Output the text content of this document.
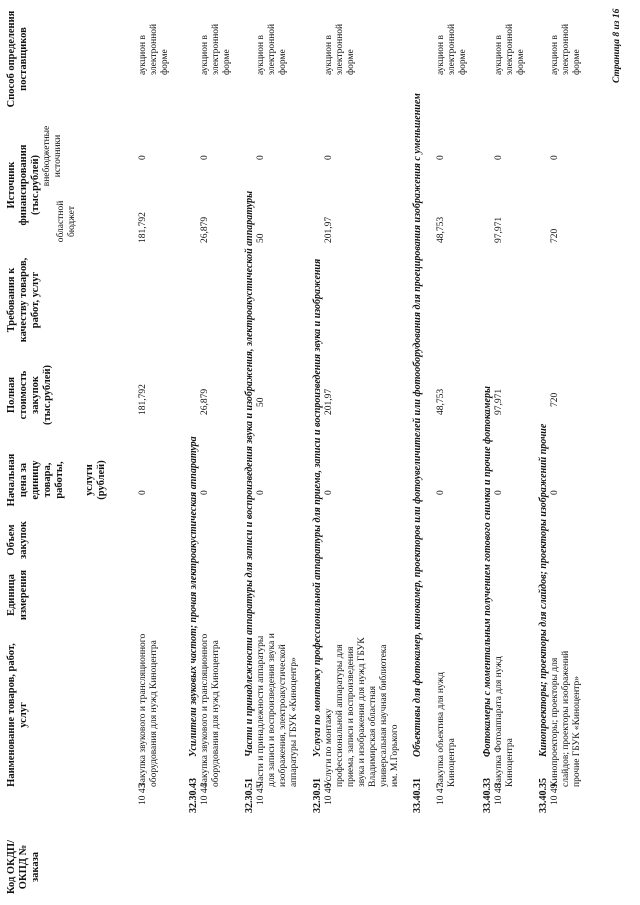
Код ОКДП/ ОКПД № заказа
Наименование товаров, работ, услуг
Единица измерения
Объем закупок
Начальная цена за единицу товара, работы, услуги (рублей)
Полная стоимость закупок (тыс.рублей)
Требования к качеству товаров, работ, услуг
Источник финансирования (тыс.рублей)
областной бюджет
внебюджетные источники
Способ определения поставщиков
10 43
Закупка звукового и трансляционного оборудования для нужд Киноцентра
0
181,792
181,792
0
аукцион в электронной форме
32.30.43
Усилители звуковых частот; прочая электроакустическая аппаратура
10 44
Закупка звукового и трансляционного оборудования для нужд Киноцентра
0
26,879
26,879
0
аукцион в электронной форме
32.30.51
Части и принадлежности аппаратуры для записи и воспроизведения звука и изображения, электроакустической аппаратуры
10 45
Части и принадлежности аппаратуры для записи и воспроизведения звука и изображения, электроакустической аппаратуры ГБУК «Киноцентр»
0
50
50
0
аукцион в электронной форме
32.30.91
Услуги по монтажу профессиональной аппаратуры для приема, записи и воспроизведения звука и изображения
10 46
Услуги по монтажу профессиональной аппаратуры для приема, записи и воспроизведения звука и изображения для нужд ГБУК Владимирская областная универсальная научная библиотека им. М.Горького
0
201,97
201,97
0
аукцион в электронной форме
33.40.31
Объективы для фотокамер, кинокамер, проекторов или фотоувеличителей или фотооборудования для проецирования изображения с уменьшением
10 47
Закупка объектива для нужд Киноцентра
0
48,753
48,753
0
аукцион в электронной форме
33.40.33
Фотокамеры с моментальным получением готового снимка и прочие фотокамеры
10 48
Закупка Фотоаппарата для нужд Киноцентра
0
97,971
97,971
0
аукцион в электронной форме
33.40.35
Кинопроекторы; проекторы для слайдов; проекторы изображений прочие
10 49
Кинопроекторы; проекторы для слайдов; проекторы изображений прочие ГБУК «Киноцентр»
0
720
720
0
аукцион в электронной форме	Страница 8 из 16
